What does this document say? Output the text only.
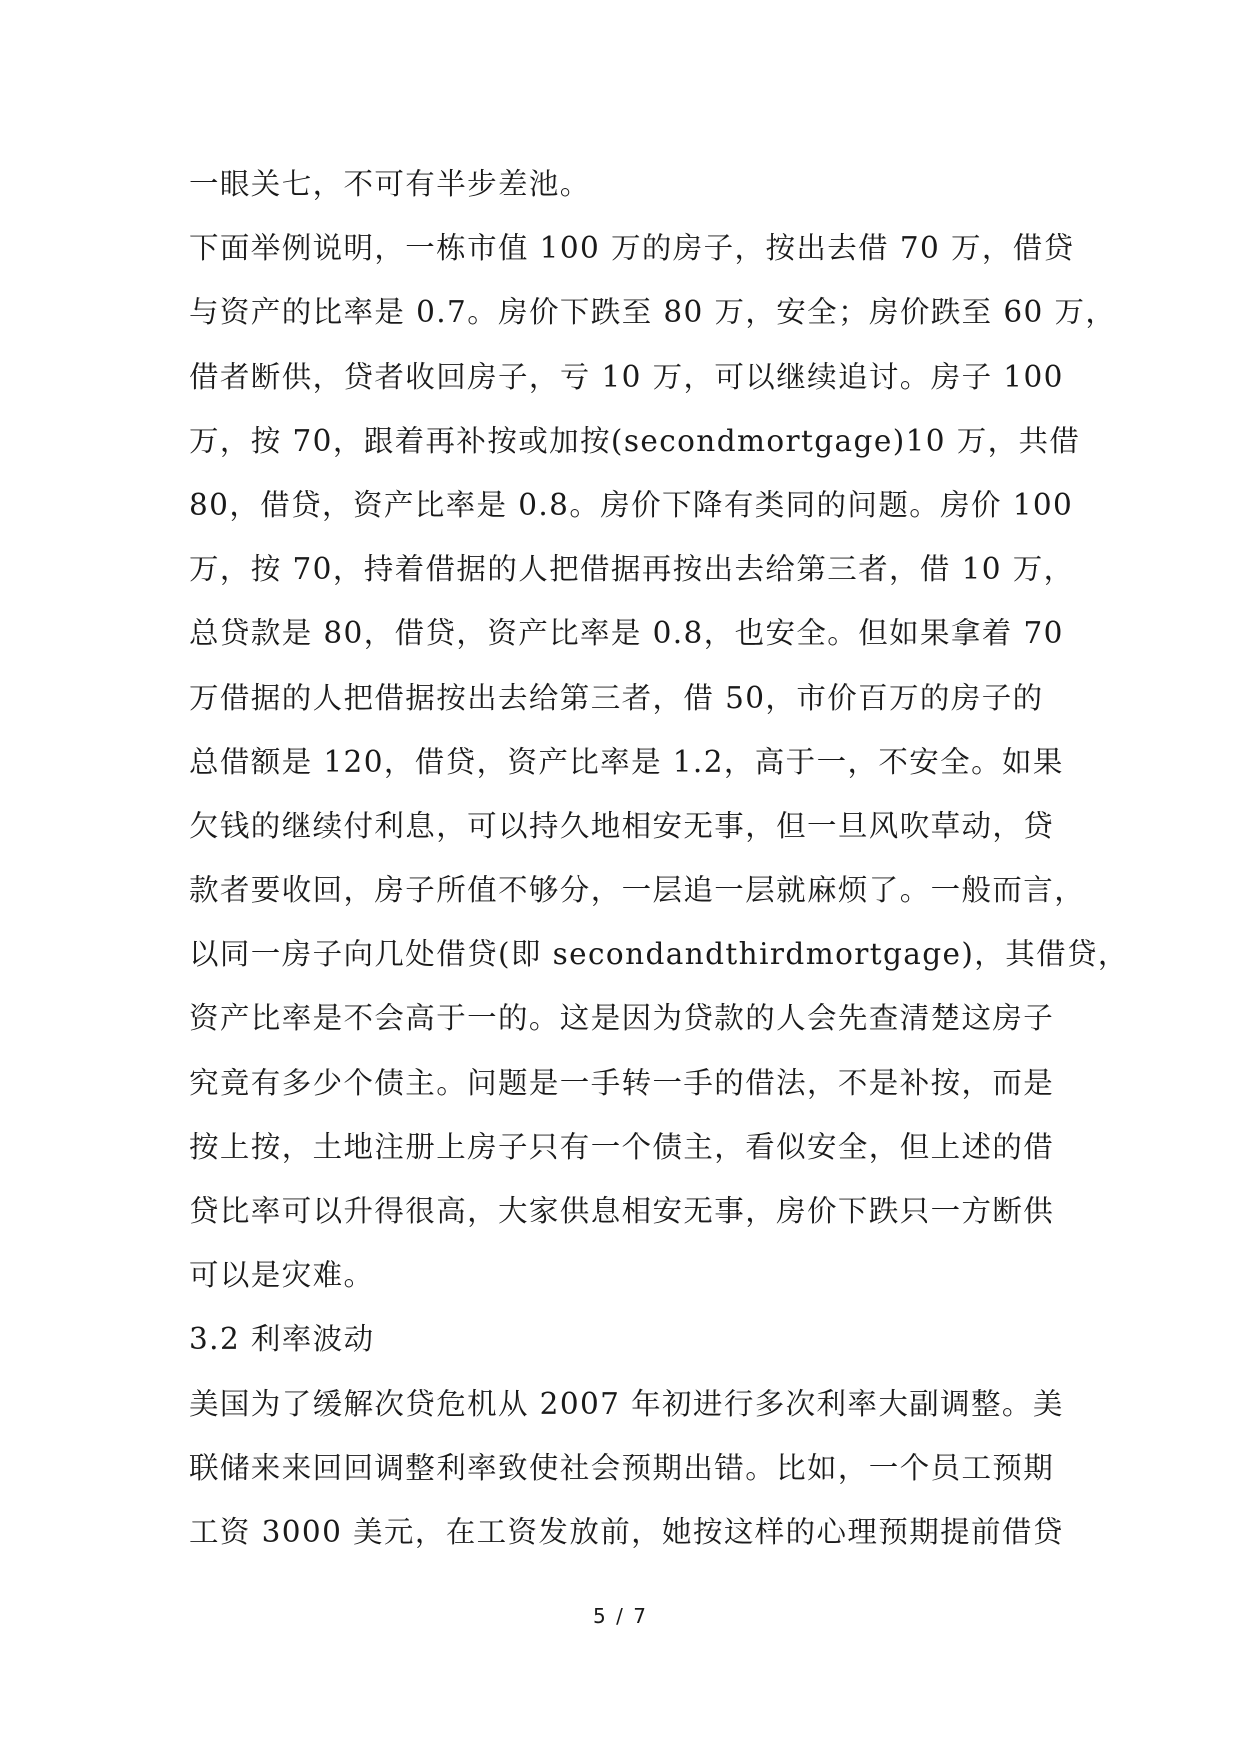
一眼关七，不可有半步差池。
下面举例说明，一栋市值 100 万的房子，按出去借 70 万，借贷
与资产的比率是 0.7。房价下跌至 80 万，安全；房价跌至 60 万，
借者断供，贷者收回房子，亏 10 万，可以继续追讨。房子 100
万，按 70，跟着再补按或加按(secondmortgage)10 万，共借
80，借贷，资产比率是 0.8。房价下降有类同的问题。房价 100
万，按 70，持着借据的人把借据再按出去给第三者，借 10 万，
总贷款是 80，借贷，资产比率是 0.8，也安全。但如果拿着 70
万借据的人把借据按出去给第三者，借 50，市价百万的房子的
总借额是 120，借贷，资产比率是 1.2，高于一，不安全。如果
欠钱的继续付利息，可以持久地相安无事，但一旦风吹草动，贷
款者要收回，房子所值不够分，一层追一层就麻烦了。一般而言，
以同一房子向几处借贷(即 secondandthirdmortgage)，其借贷，
资产比率是不会高于一的。这是因为贷款的人会先查清楚这房子
究竟有多少个债主。问题是一手转一手的借法，不是补按，而是
按上按，土地注册上房子只有一个债主，看似安全，但上述的借
贷比率可以升得很高，大家供息相安无事，房价下跌只一方断供
可以是灾难。
3.2 利率波动
美国为了缓解次贷危机从 2007 年初进行多次利率大副调整。美
联储来来回回调整利率致使社会预期出错。比如，一个员工预期
工资 3000 美元，在工资发放前，她按这样的心理预期提前借贷
5 / 7
